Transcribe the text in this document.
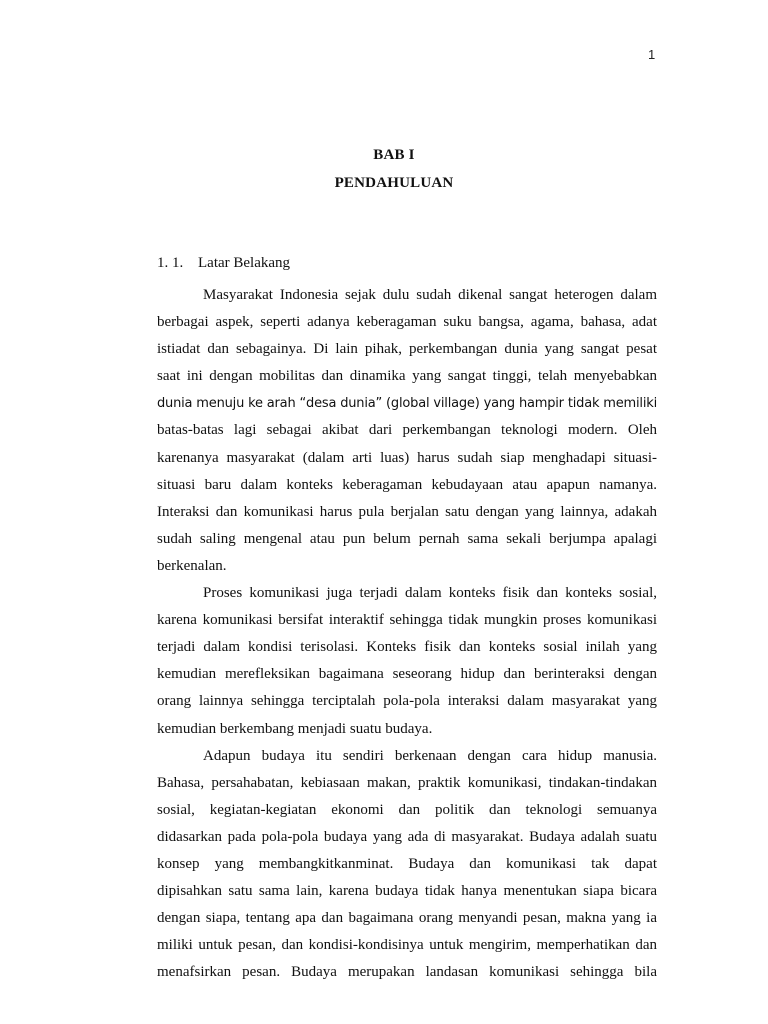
1
BAB I
PENDAHULUAN
1. 1. Latar Belakang
Masyarakat Indonesia sejak dulu sudah dikenal sangat heterogen dalam
berbagai aspek, seperti adanya keberagaman suku bangsa, agama, bahasa, adat
istiadat dan sebagainya. Di lain pihak, perkembangan dunia yang sangat pesat
saat ini dengan mobilitas dan dinamika yang sangat tinggi, telah menyebabkan
dunia menuju ke arah “desa dunia” (global village) yang hampir tidak memiliki
batas-batas lagi sebagai akibat dari perkembangan teknologi modern. Oleh
karenanya masyarakat (dalam arti luas) harus sudah siap menghadapi situasi-
situasi baru dalam konteks keberagaman kebudayaan atau apapun namanya.
Interaksi dan komunikasi harus pula berjalan satu dengan yang lainnya, adakah
sudah saling mengenal atau pun belum pernah sama sekali berjumpa apalagi
berkenalan.
Proses komunikasi juga terjadi dalam konteks fisik dan konteks sosial,
karena komunikasi bersifat interaktif sehingga tidak mungkin proses komunikasi
terjadi dalam kondisi terisolasi. Konteks fisik dan konteks sosial inilah yang
kemudian merefleksikan bagaimana seseorang hidup dan berinteraksi dengan
orang lainnya sehingga terciptalah pola-pola interaksi dalam masyarakat yang
kemudian berkembang menjadi suatu budaya.
Adapun budaya itu sendiri berkenaan dengan cara hidup manusia.
Bahasa, persahabatan, kebiasaan makan, praktik komunikasi, tindakan-tindakan
sosial, kegiatan-kegiatan ekonomi dan politik dan teknologi semuanya
didasarkan pada pola-pola budaya yang ada di masyarakat. Budaya adalah suatu
konsep yang membangkitkanminat. Budaya dan komunikasi tak dapat
dipisahkan satu sama lain, karena budaya tidak hanya menentukan siapa bicara
dengan siapa, tentang apa dan bagaimana orang menyandi pesan, makna yang ia
miliki untuk pesan, dan kondisi-kondisinya untuk mengirim, memperhatikan dan
menafsirkan pesan. Budaya merupakan landasan komunikasi sehingga bila
